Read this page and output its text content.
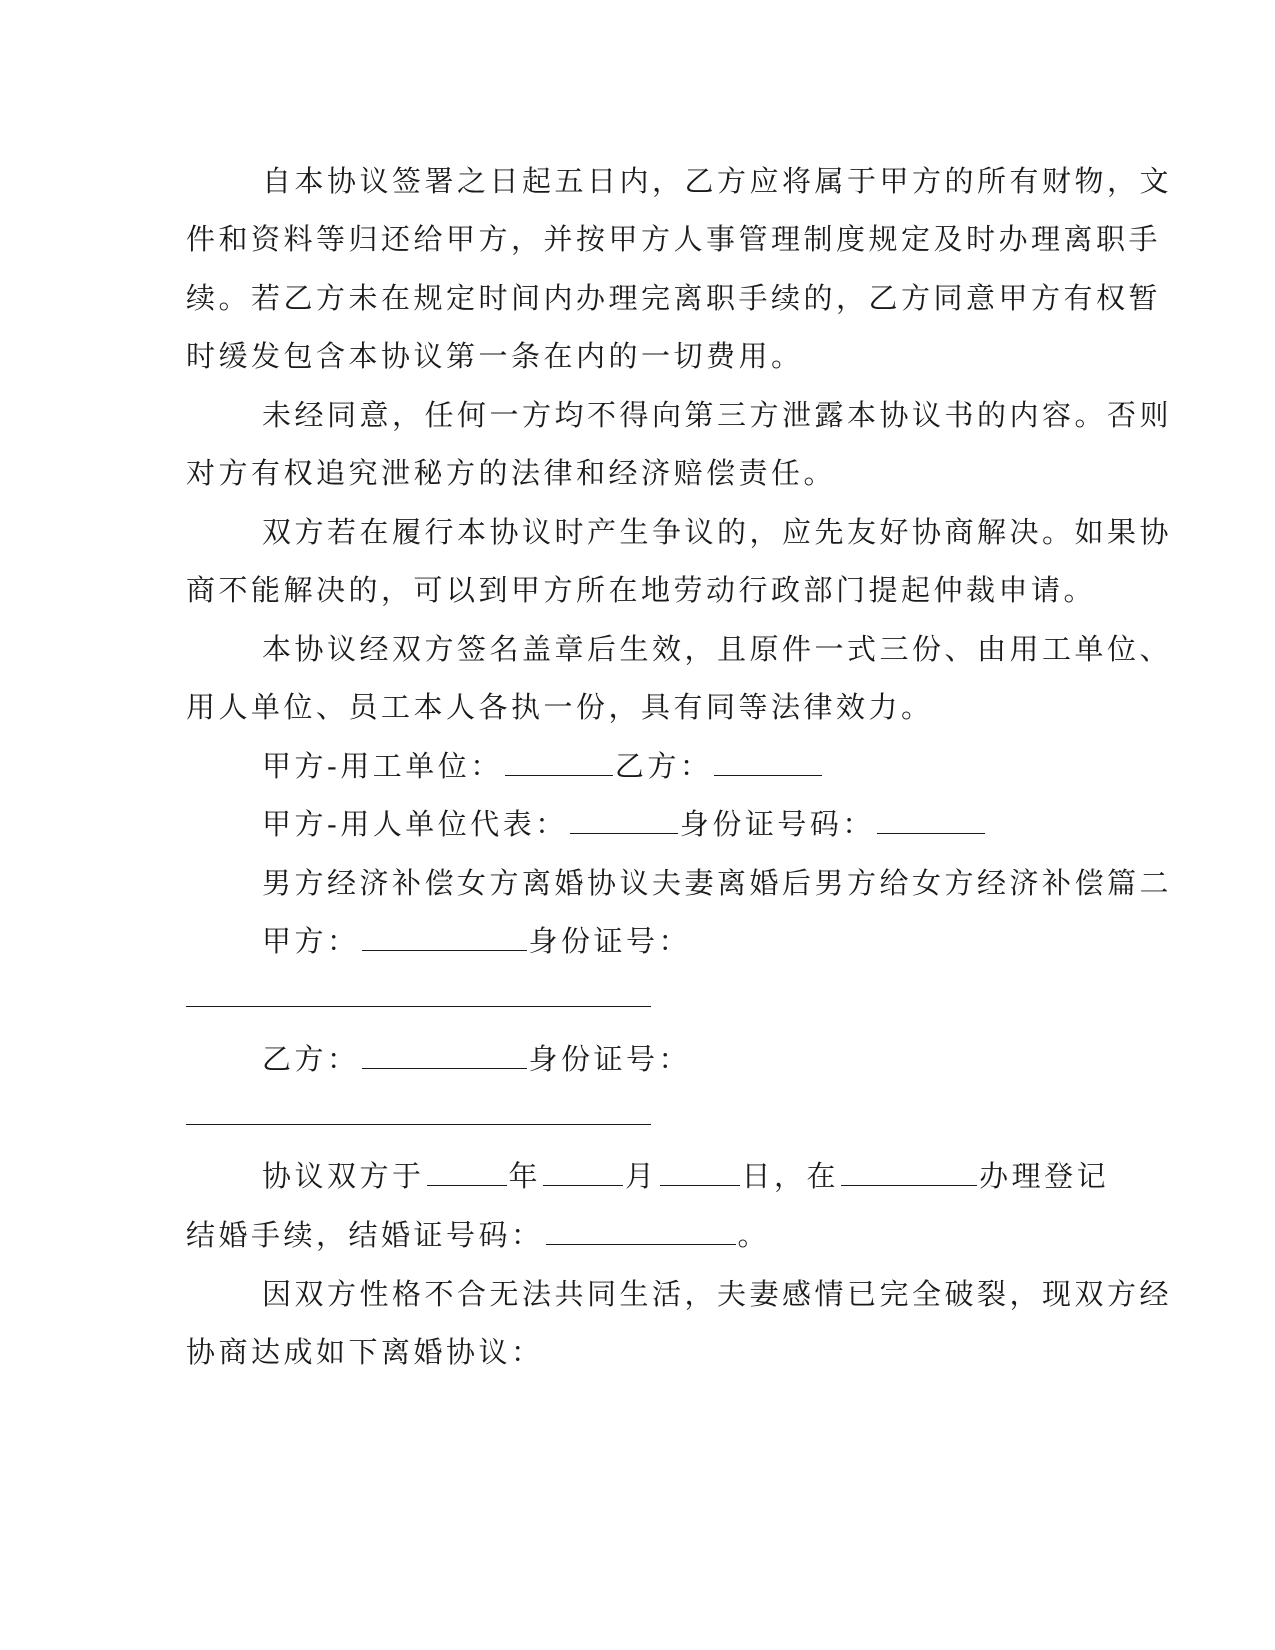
自本协议签署之日起五日内，乙方应将属于甲方的所有财物，文
件和资料等归还给甲方，并按甲方人事管理制度规定及时办理离职手
续。若乙方未在规定时间内办理完离职手续的，乙方同意甲方有权暂
时缓发包含本协议第一条在内的一切费用。
未经同意，任何一方均不得向第三方泄露本协议书的内容。否则
对方有权追究泄秘方的法律和经济赔偿责任。
双方若在履行本协议时产生争议的，应先友好协商解决。如果协
商不能解决的，可以到甲方所在地劳动行政部门提起仲裁申请。
本协议经双方签名盖章后生效，且原件一式三份、由用工单位、
用人单位、员工本人各执一份，具有同等法律效力。
甲方-用工单位：	乙方：
甲方-用人单位代表：	身份证号码：
男方经济补偿女方离婚协议夫妻离婚后男方给女方经济补偿篇二
甲方：	身份证号：
乙方：	身份证号：
协议双方于	年	月	日，在	办理登记
结婚手续，结婚证号码：	。
因双方性格不合无法共同生活，夫妻感情已完全破裂，现双方经
协商达成如下离婚协议：
